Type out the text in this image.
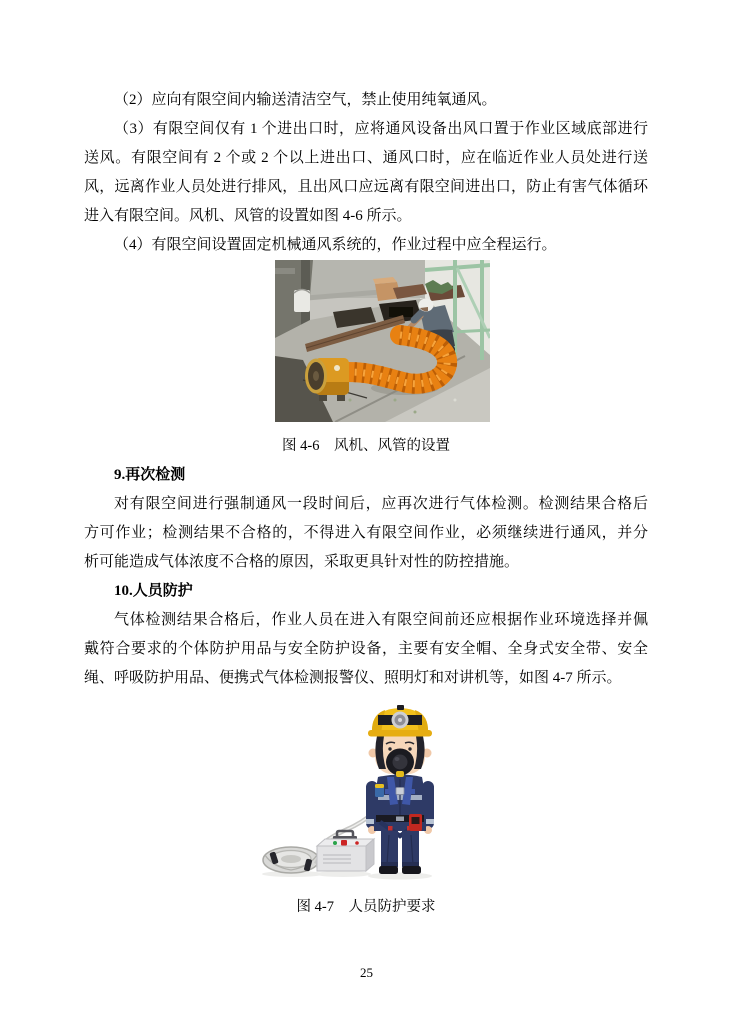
（2）应向有限空间内输送清洁空气，禁止使用纯氧通风。

（3）有限空间仅有 1 个进出口时，应将通风设备出风口置于作业区域底部进行
送风。有限空间有 2 个或 2 个以上进出口、通风口时，应在临近作业人员处进行送
风，远离作业人员处进行排风，且出风口应远离有限空间进出口，防止有害气体循环
进入有限空间。风机、风管的设置如图 4-6 所示。

（4）有限空间设置固定机械通风系统的，作业过程中应全程运行。

图 4-6　风机、风管的设置
9.再次检测

对有限空间进行强制通风一段时间后，应再次进行气体检测。检测结果合格后
方可作业；检测结果不合格的，不得进入有限空间作业，必须继续进行通风，并分
析可能造成气体浓度不合格的原因，采取更具针对性的防控措施。

10.人员防护

气体检测结果合格后，作业人员在进入有限空间前还应根据作业环境选择并佩
戴符合要求的个体防护用品与安全防护设备，主要有安全帽、全身式安全带、安全
绳、呼吸防护用品、便携式气体检测报警仪、照明灯和对讲机等，如图 4-7 所示。

图 4-7　人员防护要求
25
